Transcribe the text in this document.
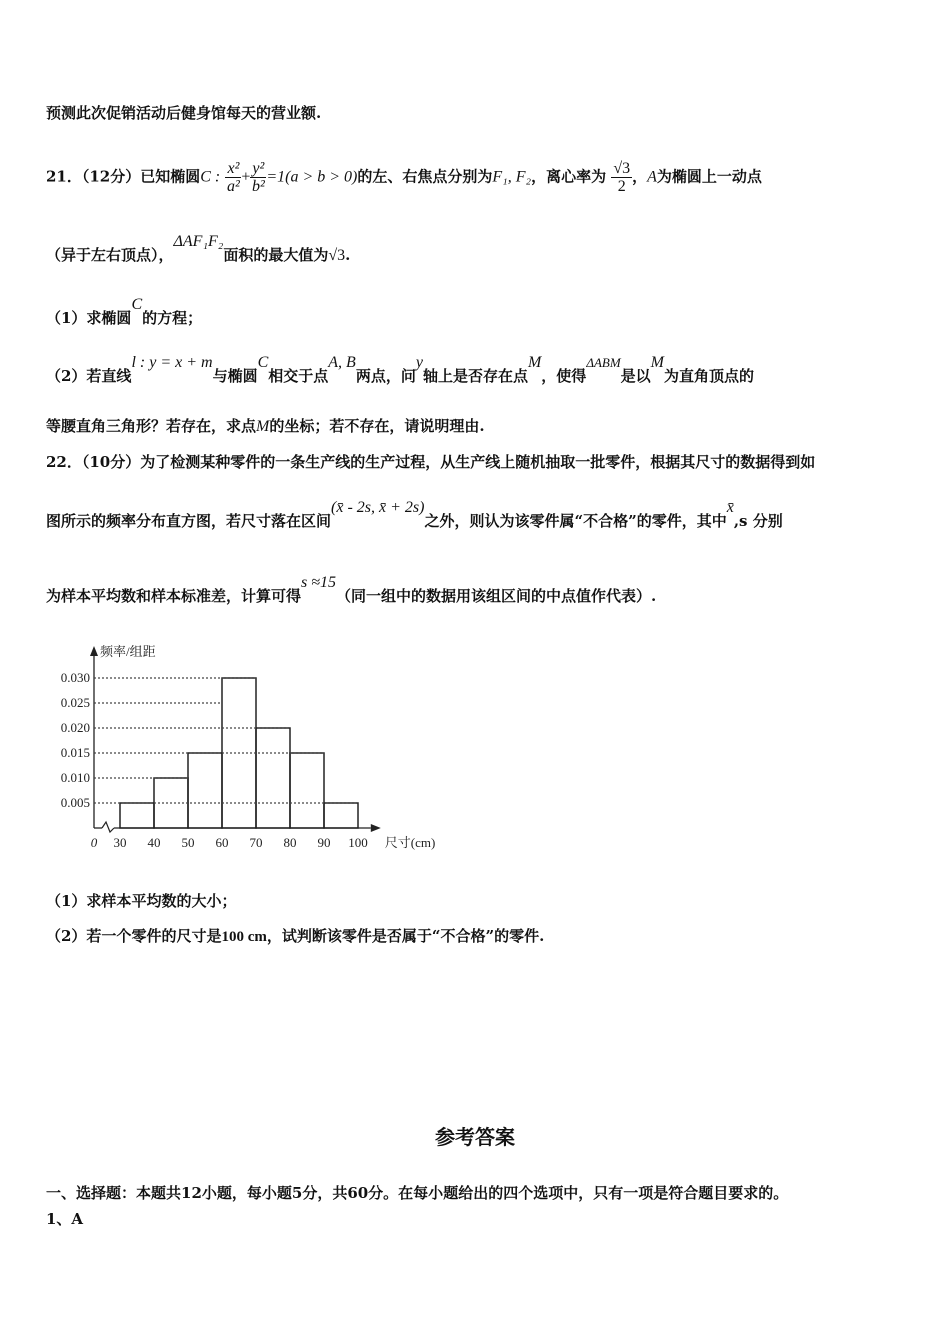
预测此次促销活动后健身馆每天的营业额.
21．（12分）已知椭圆C : $\frac{\text{x²}}{\text{a²}} + \frac{\text{y²}}{\text{b²}} =1(a > b > 0)$的左、右焦点分别为F₁, F₂，离心率为 $\frac{√3}{2}$ ，A为椭圆上一动点
（异于左右顶点），ΔAF₁F₂面积的最大值为√3.
（1）求椭圆C的方程；
（2）若直线l : y = x + m与椭圆C相交于点A, B两点，问y轴上是否存在点M，使得ΔABM是以M为直角顶点的
等腰直角三角形？若存在，求点M的坐标；若不存在，请说明理由.
22．（10分）为了检测某种零件的一条生产线的生产过程，从生产线上随机抽取一批零件，根据其尺寸的数据得到如
图所示的频率分布直方图，若尺寸落在区间(x̄ - 2s, x̄ + 2s)之外，则认为该零件属“不合格”的零件，其中x̄,s 分别
为样本平均数和样本标准差，计算可得s ≈15（同一组中的数据用该组区间的中点值作代表）.
频率/组距
尺寸(cm)
0.005
0.010
0.015
0.020
0.025
0.030
0 30 40 50 60 70 80 90 100
（1）求样本平均数的大小；
（2）若一个零件的尺寸是100 cm，试判断该零件是否属于“不合格”的零件.
参考答案
一、选择题：本题共12小题，每小题5分，共60分。在每小题给出的四个选项中，只有一项是符合题目要求的。
1、A
